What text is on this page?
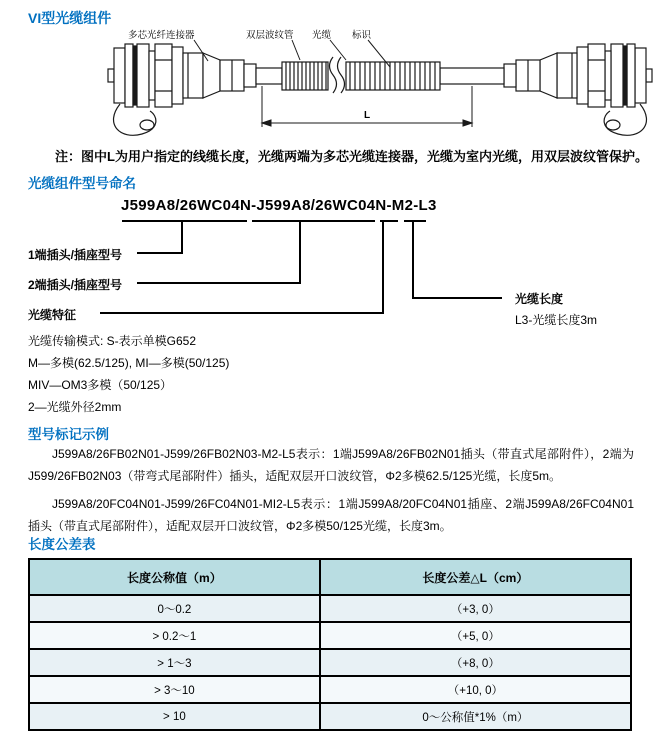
VI型光缆组件
多芯光纤连接器	双层波纹管 光缆 标识
L
注：图中L为用户指定的线缆长度，光缆两端为多芯光缆连接器，光缆为室内光缆，用双层波纹管保护。
光缆组件型号命名
J599A8/26WC04N-J599A8/26WC04N-M2-L3
1端插头/插座型号
2端插头/插座型号
光缆特征
光缆长度
L3-光缆长度3m
光缆传输模式: S-表示单模G652
M—多模(62.5/125), MI—多模(50/125)
MIV—OM3多模（50/125）
2—光缆外径2mm
型号标记示例

J599A8/26FB02N01-J599/26FB02N03-M2-L5表示：1端J599A8/26FB02N01插头（带直式尾部附件），2端为J599/26FB02N03（带弯式尾部附件）插头，适配双层开口波纹管，Φ2多模62.5/125光缆，长度5m。

J599A8/20FC04N01-J599/26FC04N01-MI2-L5表示：1端J599A8/20FC04N01插座、2端J599A8/26FC04N01插头（带直式尾部附件），适配双层开口波纹管，Φ2多模50/125光缆，长度3m。

长度公差表
长度公称值（m）	长度公差△L（cm）
0～0.2	（+3, 0）
> 0.2～1	（+5, 0）
> 1～3	（+8, 0）
> 3～10	（+10, 0）
> 10	0～公称值*1%（m）
